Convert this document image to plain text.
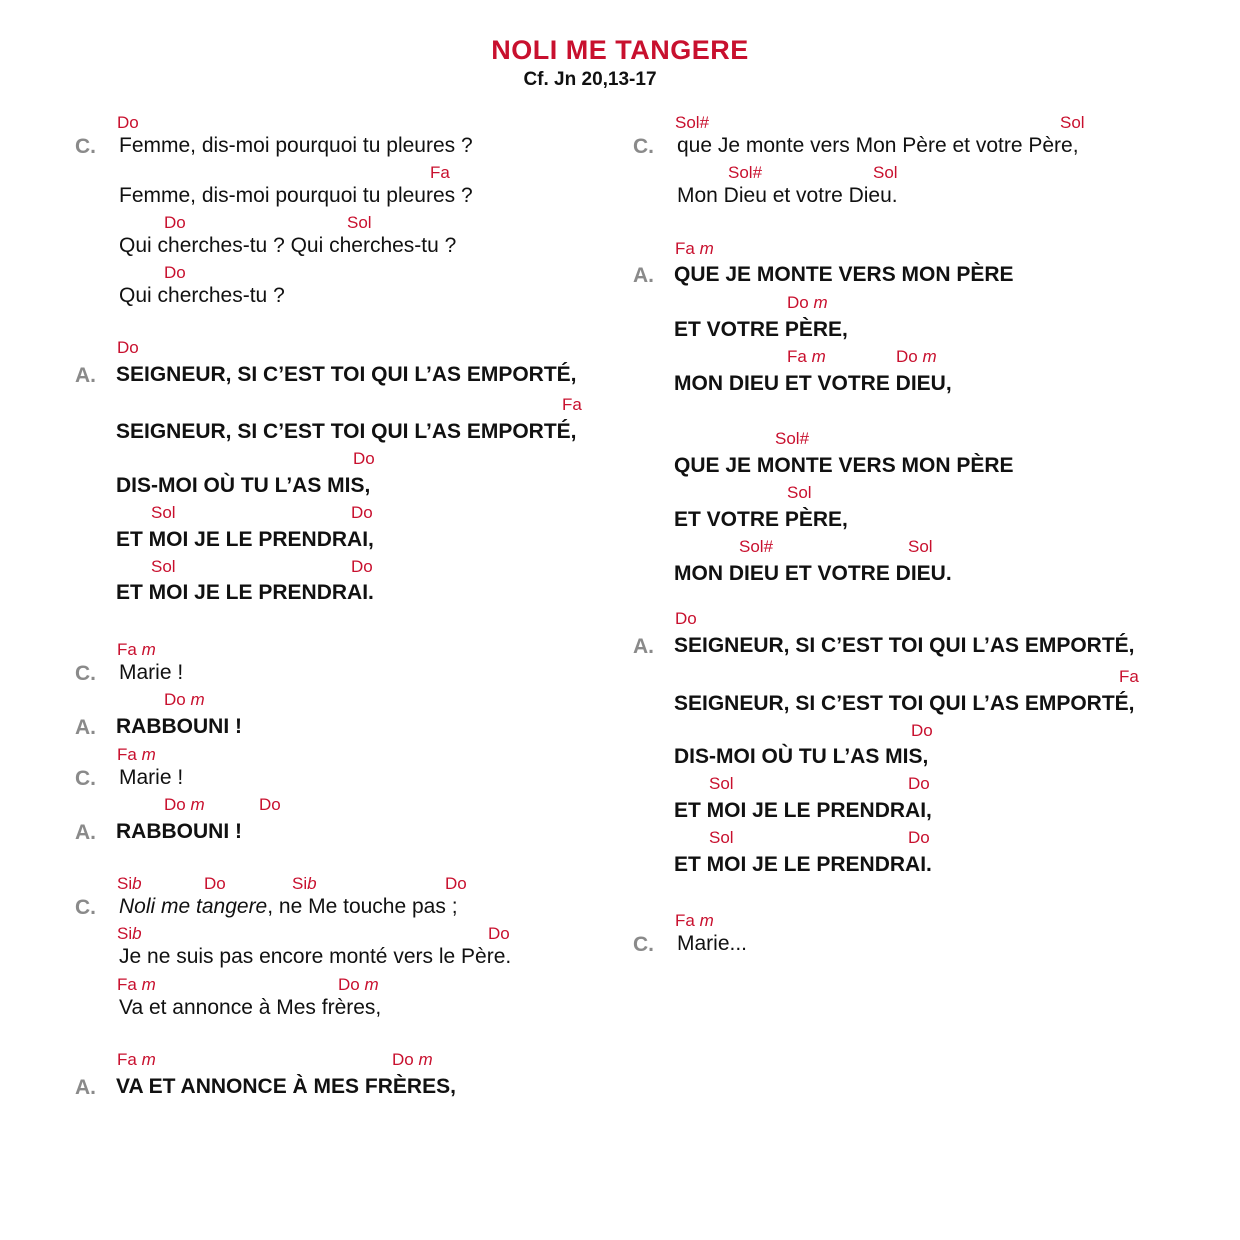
NOLI ME TANGERE
Cf. Jn 20,13-17
Do
C. Femme, dis-moi pourquoi tu pleures ?
Fa
Femme, dis-moi pourquoi tu pleures ?
Do	Sol
Qui cherches-tu ? Qui cherches-tu ?
Do
Qui cherches-tu ?
Do
A. SEIGNEUR, SI C’EST TOI QUI L’AS EMPORTÉ,
Fa
SEIGNEUR, SI C’EST TOI QUI L’AS EMPORTÉ,
Do
DIS-MOI OÙ TU L’AS MIS,
Sol	Do
ET MOI JE LE PRENDRAI,
Sol	Do
ET MOI JE LE PRENDRAI.
Fa m
C. Marie !
Do m
A. RABBOUNI !
Fa m
C. Marie !
Do m	Do
A. RABBOUNI !
Sib	Do	Sib	Do
C. Noli me tangere, ne Me touche pas ;
Sib	Do
Je ne suis pas encore monté vers le Père.
Fa m	Do m
Va et annonce à Mes frères,
Fa m	Do m
A. VA ET ANNONCE À MES FRÈRES,
Sol#	Sol
C. que Je monte vers Mon Père et votre Père,
Sol#	Sol
Mon Dieu et votre Dieu.
Fa m
A. QUE JE MONTE VERS MON PÈRE
Do m
ET VOTRE PÈRE,
Fa m	Do m
MON DIEU ET VOTRE DIEU,
Sol#
QUE JE MONTE VERS MON PÈRE
Sol
ET VOTRE PÈRE,
Sol#	Sol
MON DIEU ET VOTRE DIEU.
Do
A. SEIGNEUR, SI C’EST TOI QUI L’AS EMPORTÉ,
Fa
SEIGNEUR, SI C’EST TOI QUI L’AS EMPORTÉ,
Do
DIS-MOI OÙ TU L’AS MIS,
Sol	Do
ET MOI JE LE PRENDRAI,
Sol	Do
ET MOI JE LE PRENDRAI.
Fa m
C. Marie...
